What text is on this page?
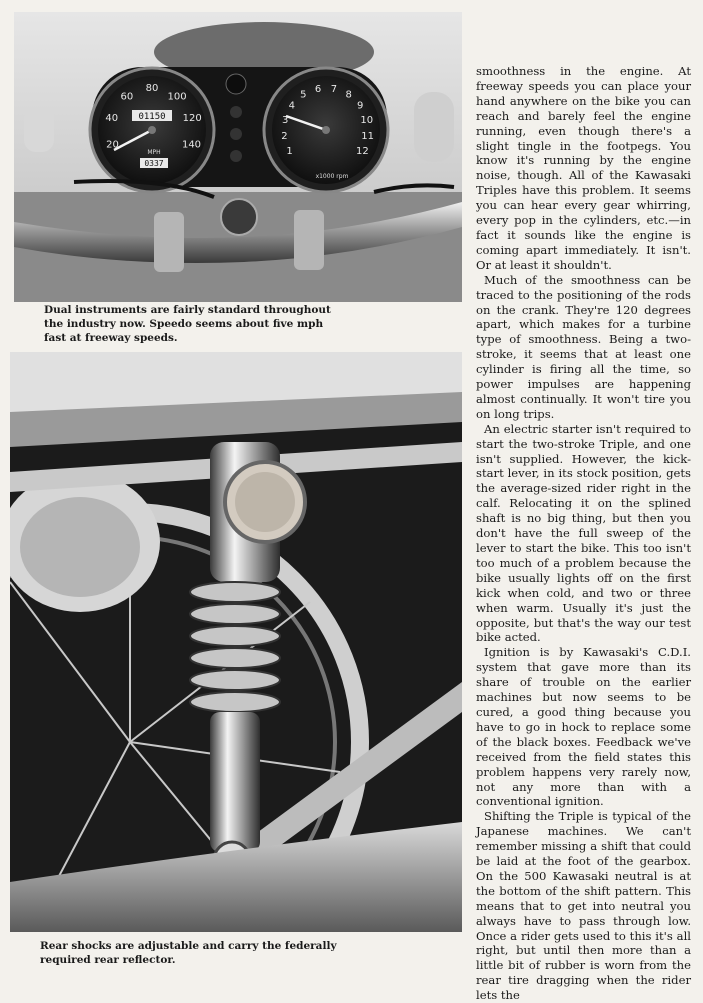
20
40
60
80
100
120
140
01150
0337
MPH	1
2
3
4
5
6 7
8
9
10
11
12
x1000 rpm
Dual instruments are fairly standard throughout the industry now. Speedo seems about five mph fast at freeway speeds.
Rear shocks are adjustable and carry the federally required rear reflector.

smoothness in the engine. At freeway speeds you can place your hand anywhere on the bike you can reach and barely feel the engine running, even though there's a slight tingle in the footpegs. You know it's running by the engine noise, though. All of the Kawasaki Triples have this problem. It seems you can hear every gear whirring, every pop in the cylinders, etc.—in fact it sounds like the engine is coming apart immediately. It isn't. Or at least it shouldn't.

Much of the smoothness can be traced to the positioning of the rods on the crank. They're 120 degrees apart, which makes for a turbine type of smoothness. Being a two-stroke, it seems that at least one cylinder is firing all the time, so power impulses are happening almost continually. It won't tire you on long trips.

An electric starter isn't required to start the two-stroke Triple, and one isn't supplied. However, the kick-start lever, in its stock position, gets the average-sized rider right in the calf. Relocating it on the splined shaft is no big thing, but then you don't have the full sweep of the lever to start the bike. This too isn't too much of a problem because the bike usually lights off on the first kick when cold, and two or three when warm. Usually it's just the opposite, but that's the way our test bike acted.

Ignition is by Kawasaki's C.D.I. system that gave more than its share of trouble on the earlier machines but now seems to be cured, a good thing because you have to go in hock to replace some of the black boxes. Feedback we've received from the field states this problem happens very rarely now, not any more than with a conventional ignition.

Shifting the Triple is typical of the Japanese machines. We can't remember missing a shift that could be laid at the foot of the gearbox. On the 500 Kawasaki neutral is at the bottom of the shift pattern. This means that to get into neutral you always have to pass through low. Once a rider gets used to this it's all right, but until then more than a little bit of rubber is worn from the rear tire dragging when the rider lets the
